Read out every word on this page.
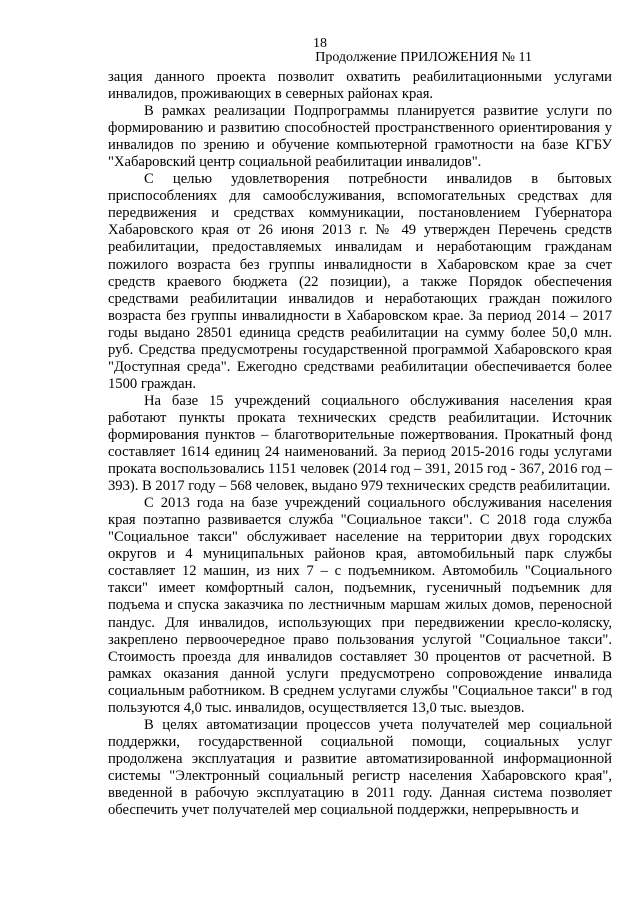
18
Продолжение ПРИЛОЖЕНИЯ № 11

зация данного проекта позволит охватить реабилитационными услугами инвалидов, проживающих в северных районах края.

В рамках реализации Подпрограммы планируется развитие услуги по формированию и развитию способностей пространственного ориентирования у инвалидов по зрению и обучение компьютерной грамотности на базе КГБУ "Хабаровский центр социальной реабилитации инвалидов".

С целью удовлетворения потребности инвалидов в бытовых приспособлениях для самообслуживания, вспомогательных средствах для передвижения и средствах коммуникации, постановлением Губернатора Хабаровского края от 26 июня 2013 г. № 49 утвержден Перечень средств реабилитации, предоставляемых инвалидам и неработающим гражданам пожилого возраста без группы инвалидности в Хабаровском крае за счет средств краевого бюджета (22 позиции), а также Порядок обеспечения средствами реабилитации инвалидов и неработающих граждан пожилого возраста без группы инвалидности в Хабаровском крае. За период 2014 – 2017 годы выдано 28501 единица средств реабилитации на сумму более 50,0 млн. руб. Средства предусмотрены государственной программой Хабаровского края "Доступная среда". Ежегодно средствами реабилитации обеспечивается более 1500 граждан.

На базе 15 учреждений социального обслуживания населения края работают пункты проката технических средств реабилитации. Источник формирования пунктов – благотворительные пожертвования. Прокатный фонд составляет 1614 единиц 24 наименований. За период 2015-2016 годы услугами проката воспользовались 1151 человек (2014 год – 391, 2015 год - 367, 2016 год – 393). В 2017 году – 568 человек, выдано 979 технических средств реабилитации.

С 2013 года на базе учреждений социального обслуживания населения края поэтапно развивается служба "Социальное такси". С 2018 года служба "Социальное такси" обслуживает население на территории двух городских округов и 4 муниципальных районов края, автомобильный парк службы составляет 12 машин, из них 7 – с подъемником. Автомобиль "Социального такси" имеет комфортный салон, подъемник, гусеничный подъемник для подъема и спуска заказчика по лестничным маршам жилых домов, переносной пандус. Для инвалидов, использующих при передвижении кресло-коляску, закреплено первоочередное право пользования услугой "Социальное такси". Стоимость проезда для инвалидов составляет 30 процентов от расчетной. В рамках оказания данной услуги предусмотрено сопровождение инвалида социальным работником. В среднем услугами службы "Социальное такси" в год пользуются 4,0 тыс. инвалидов, осуществляется 13,0 тыс. выездов.

В целях автоматизации процессов учета получателей мер социальной поддержки, государственной социальной помощи, социальных услуг продолжена эксплуатация и развитие автоматизированной информационной системы "Электронный социальный регистр населения Хабаровского края", введенной в рабочую эксплуатацию в 2011 году. Данная система позволяет обеспечить учет получателей мер социальной поддержки, непрерывность и
